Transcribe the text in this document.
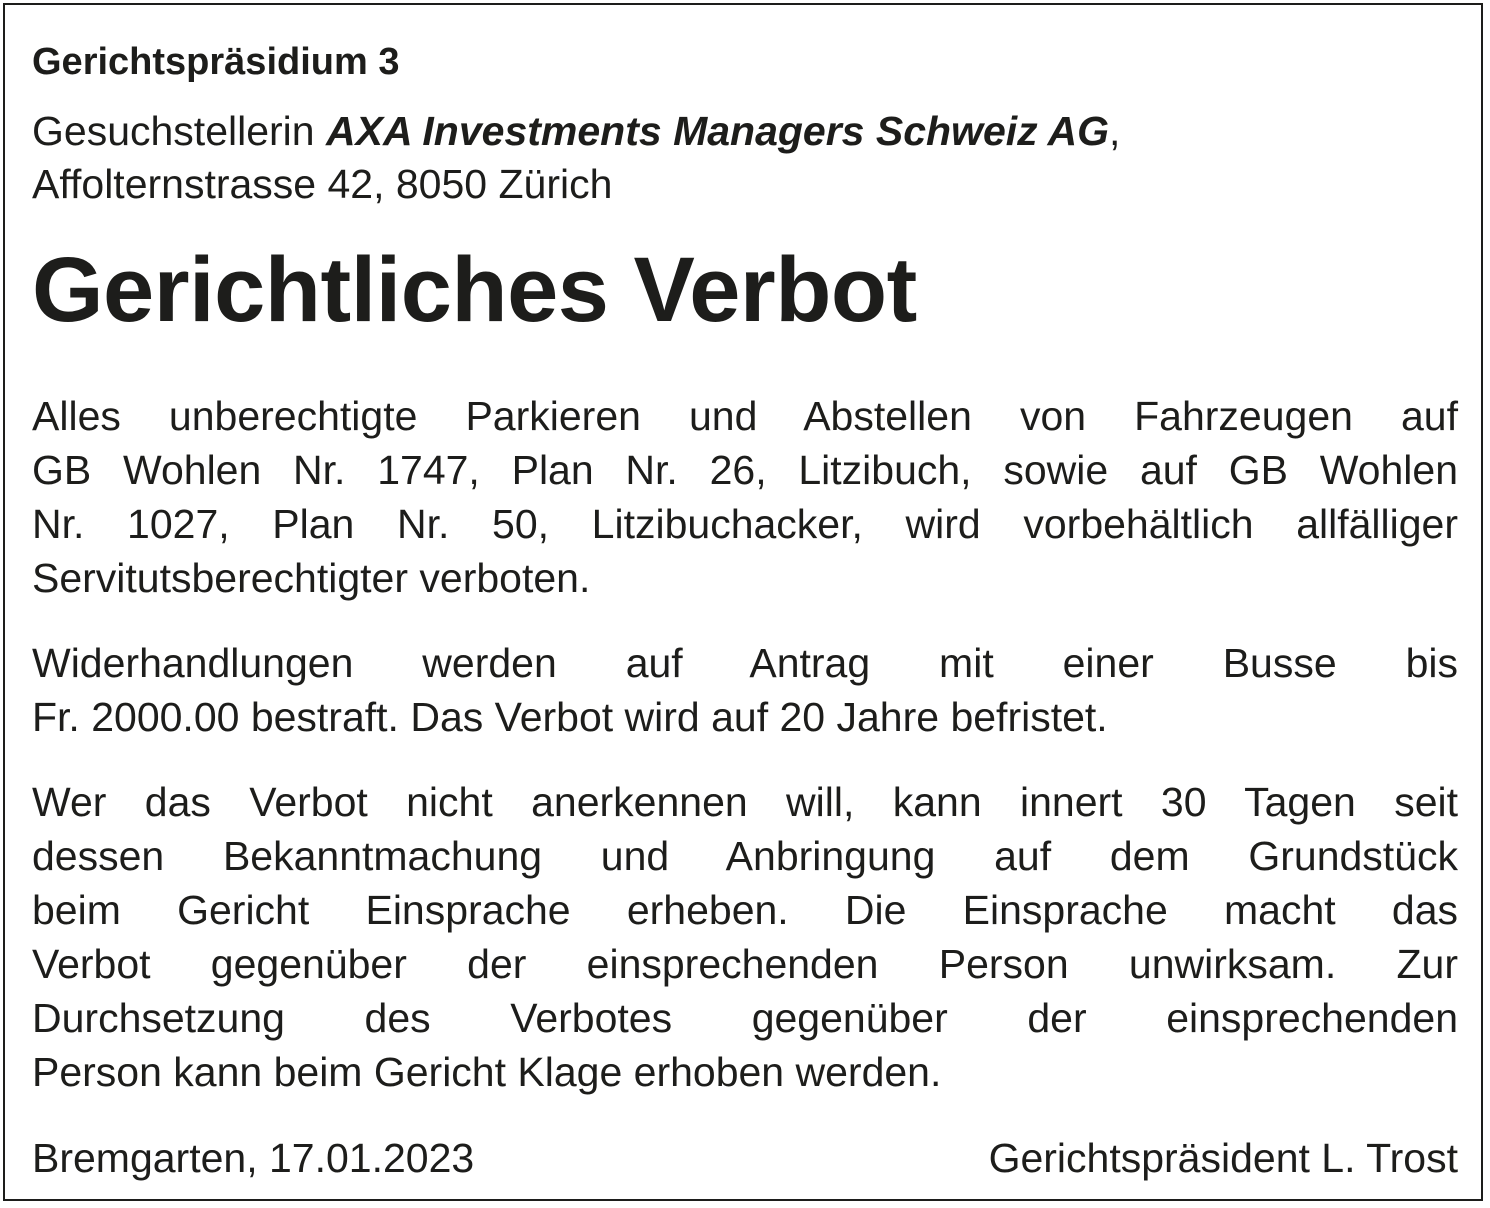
Gerichtspräsidium 3
Gesuchstellerin AXA Investments Managers Schweiz AG,
Affolternstrasse 42, 8050 Zürich
Gerichtliches Verbot
Alles unberechtigte Parkieren und Abstellen von Fahrzeugen auf
GB Wohlen Nr. 1747, Plan Nr. 26, Litzibuch, sowie auf GB Wohlen
Nr. 1027, Plan Nr. 50, Litzibuchacker, wird vorbehältlich allfälliger
Servitutsberechtigter verboten.
Widerhandlungen werden auf Antrag mit einer Busse bis
Fr. 2000.00 bestraft. Das Verbot wird auf 20 Jahre befristet.
Wer das Verbot nicht anerkennen will, kann innert 30 Tagen seit
dessen Bekanntmachung und Anbringung auf dem Grundstück
beim Gericht Einsprache erheben. Die Einsprache macht das
Verbot gegenüber der einsprechenden Person unwirksam. Zur
Durchsetzung des Verbotes gegenüber der einsprechenden
Person kann beim Gericht Klage erhoben werden.
Bremgarten, 17.01.2023	Gerichtspräsident L. Trost
